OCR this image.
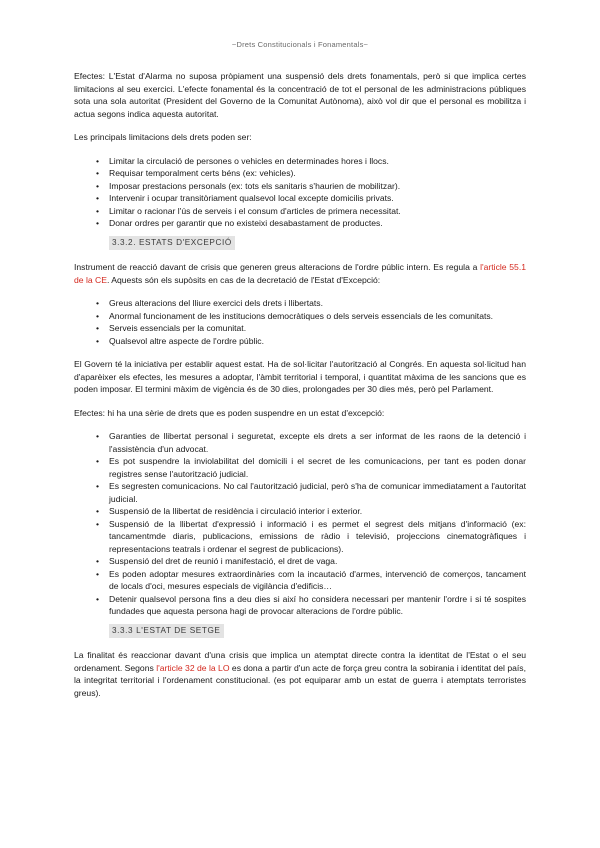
~Drets Constitucionals i Fonamentals~

Efectes: L'Estat d'Alarma no suposa pròpiament una suspensió dels drets fonamentals, però si que implica certes limitacions al seu exercici. L'efecte fonamental és la concentració de tot el personal de les administracions públiques sota una sola autoritat (President del Governo de la Comunitat Autònoma), això vol dir que el personal es mobilitza i actua segons indica aquesta autoritat.

Les principals limitacions dels drets poden ser:

• Limitar la circulació de persones o vehicles en determinades hores i llocs.
• Requisar temporalment certs béns (ex: vehicles).
• Imposar prestacions personals (ex: tots els sanitaris s'haurien de mobilitzar).
• Intervenir i ocupar transitòriament qualsevol local excepte domicilis privats.
• Limitar o racionar l'ús de serveis i el consum d'articles de primera necessitat.
• Donar ordres per garantir que no existeixi desabastament de productes.
3.3.2. ESTATS D'EXCEPCIÓ

Instrument de reacció davant de crisis que generen greus alteracions de l'ordre públic intern. Es regula a l'article 55.1 de la CE. Aquests són els supòsits en cas de la decretació de l'Estat d'Excepció:

• Greus alteracions del lliure exercici dels drets i llibertats.
• Anormal funcionament de les institucions democràtiques o dels serveis essencials de les comunitats.
• Serveis essencials per la comunitat.
• Qualsevol altre aspecte de l'ordre públic.

El Govern té la iniciativa per establir aquest estat. Ha de sol·licitar l'autorització al Congrés. En aquesta sol·licitud han d'aparèixer els efectes, les mesures a adoptar, l'àmbit territorial i temporal, i quantitat màxima de les sancions que es poden imposar. El termini màxim de vigència és de 30 dies, prolongades per 30 dies més, però pel Parlament.

Efectes: hi ha una sèrie de drets que es poden suspendre en un estat d'excepció:

• Garanties de llibertat personal i seguretat, excepte els drets a ser informat de les raons de la detenció i l'assistència d'un advocat.
• Es pot suspendre la inviolabilitat del domicili i el secret de les comunicacions, per tant es poden donar registres sense l'autorització judicial.
• Es segresten comunicacions. No cal l'autorització judicial, però s'ha de comunicar immediatament a l'autoritat judicial.
• Suspensió de la llibertat de residència i circulació interior i exterior.
• Suspensió de la llibertat d'expressió i informació i es permet el segrest dels mitjans d'informació (ex: tancamentmde diaris, publicacions, emissions de ràdio i televisió, projeccions cinematogràfiques i representacions teatrals i ordenar el segrest de publicacions).
• Suspensió del dret de reunió i manifestació, el dret de vaga.
• Es poden adoptar mesures extraordinàries com la incautació d'armes, intervenció de comerços, tancament de locals d'oci, mesures especials de vigilància d'edificis…
• Detenir qualsevol persona fins a deu dies si així ho considera necessari per mantenir l'ordre i si té sospites fundades que aquesta persona hagi de provocar alteracions de l'ordre públic.
3.3.3 L'ESTAT DE SETGE

La finalitat és reaccionar davant d'una crisis que implica un atemptat directe contra la identitat de l'Estat o el seu ordenament. Segons l'article 32 de la LO es dona a partir d'un acte de força greu contra la sobirania i identitat del país, la integritat territorial i l'ordenament constitucional. (es pot equiparar amb un estat de guerra i atemptats terroristes greus).
